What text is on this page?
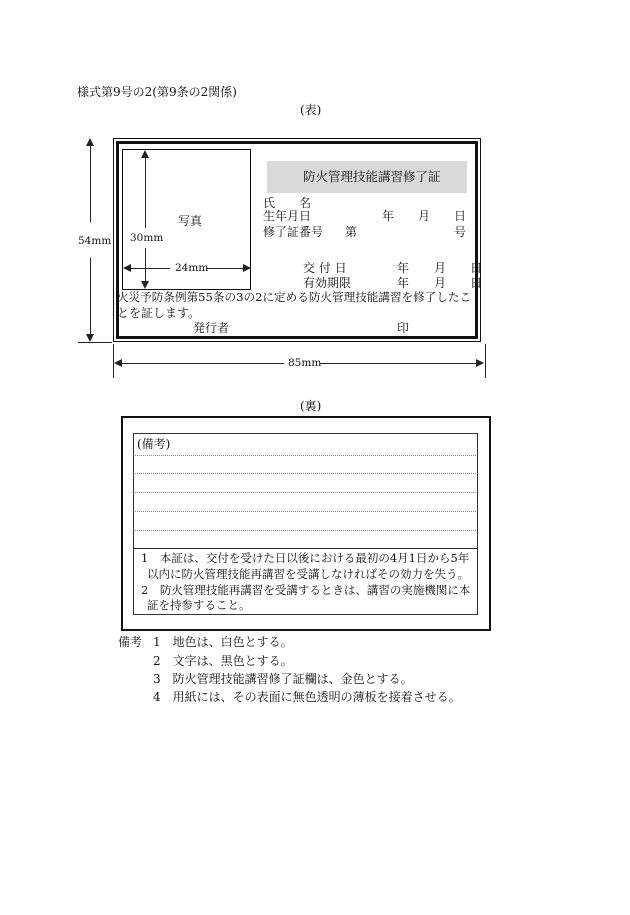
様式第9号の2(第9条の2関係)
(表)
54mm
写真
30mm
24mm
防火管理技能講習修了証
氏　　名
生年月日	年 月 日
修了証番号 第	号
交 付 日	年 月 日
有効期限	年 月 日
火災予防条例第55条の3の2に定める防火管理技能講習を修了したこ
とを証します。
発行者	印
85mm
(裏)
(備考)
1　本証は、交付を受けた日以後における最初の4月1日から5年
以内に防火管理技能再講習を受講しなければその効力を失う。
2　防火管理技能再講習を受講するときは、講習の実施機関に本
証を持参すること。
備考 1　地色は、白色とする。
2　文字は、黒色とする。
3　防火管理技能講習修了証欄は、金色とする。
4　用紙には、その表面に無色透明の薄板を接着させる。
